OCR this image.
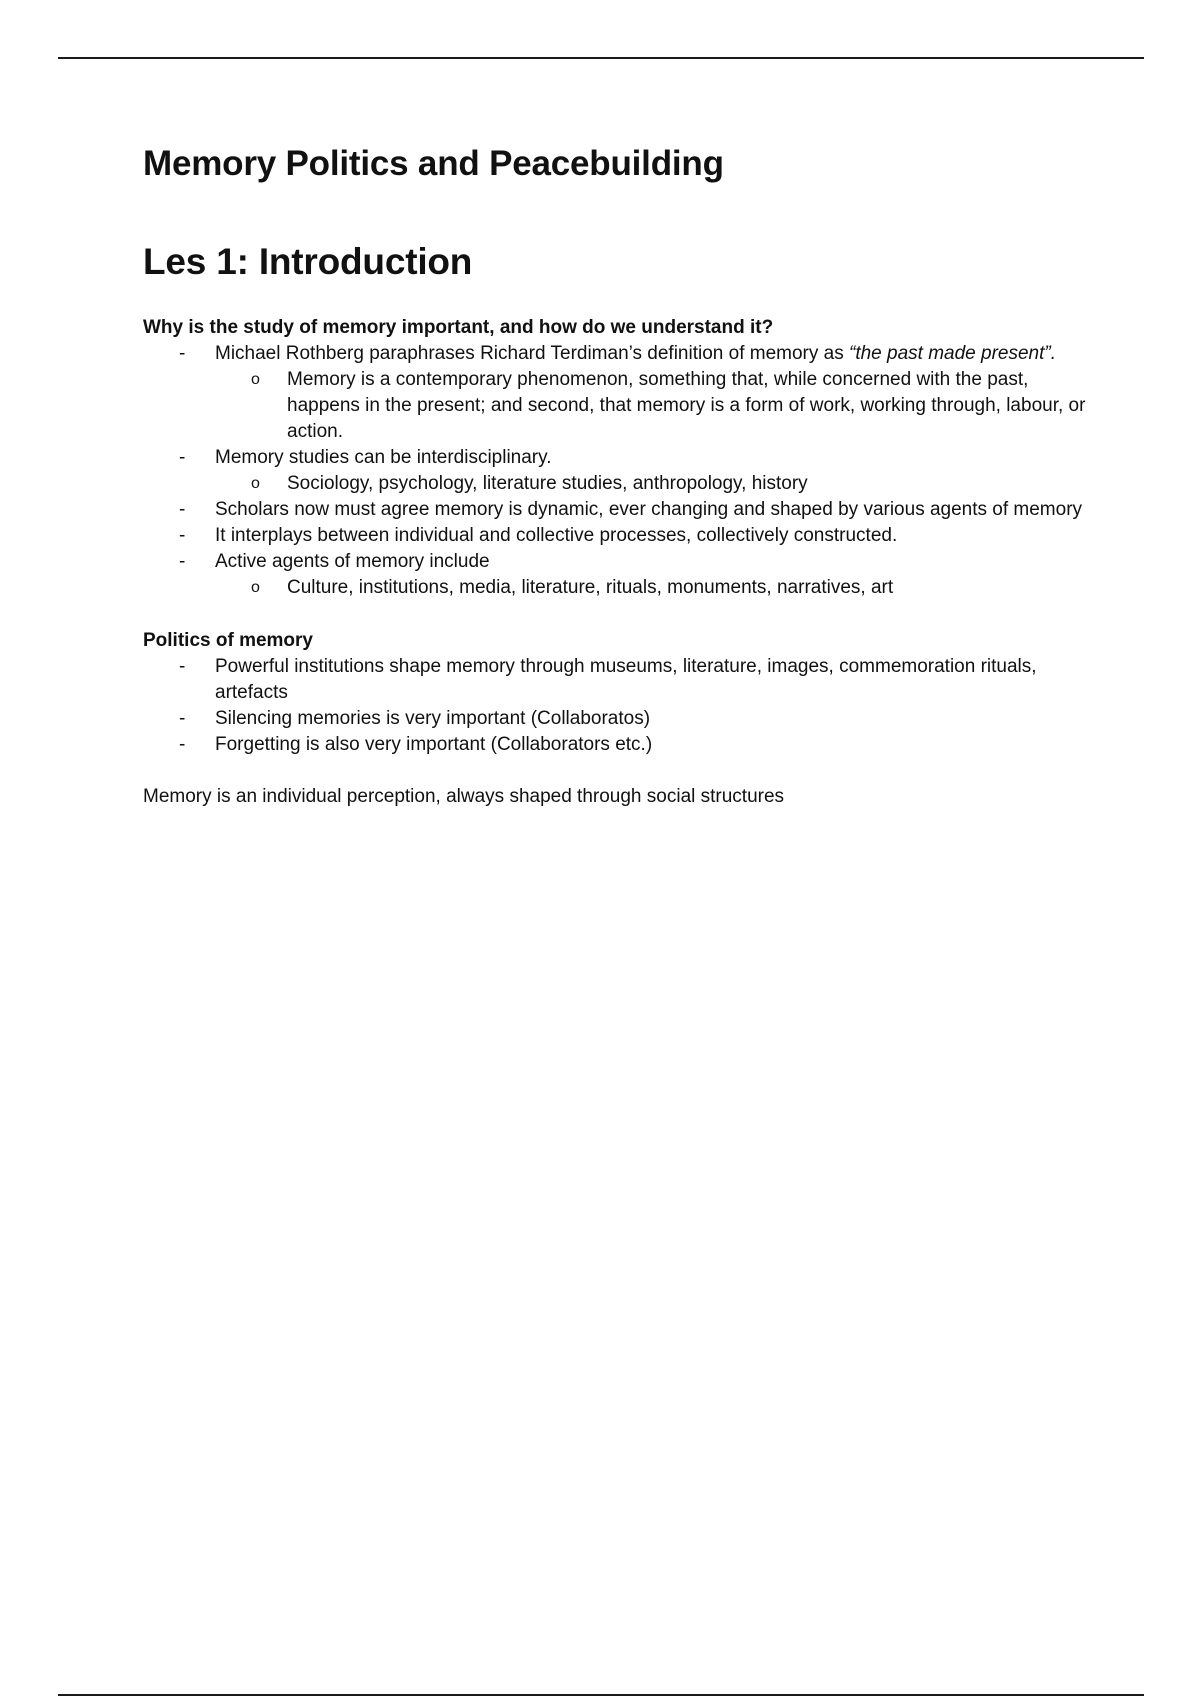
Memory Politics and Peacebuilding
Les 1: Introduction

Why is the study of memory important, and how do we understand it?

- Michael Rothberg paraphrases Richard Terdiman’s definition of memory as “the past made present”.
o Memory is a contemporary phenomenon, something that, while concerned with the past, happens in the present; and second, that memory is a form of work, working through, labour, or action.
- Memory studies can be interdisciplinary.
o Sociology, psychology, literature studies, anthropology, history
- Scholars now must agree memory is dynamic, ever changing and shaped by various agents of memory
- It interplays between individual and collective processes, collectively constructed.
- Active agents of memory include
o Culture, institutions, media, literature, rituals, monuments, narratives, art

Politics of memory

- Powerful institutions shape memory through museums, literature, images, commemoration rituals, artefacts
- Silencing memories is very important (Collaboratos)
- Forgetting is also very important (Collaborators etc.)

Memory is an individual perception, always shaped through social structures
